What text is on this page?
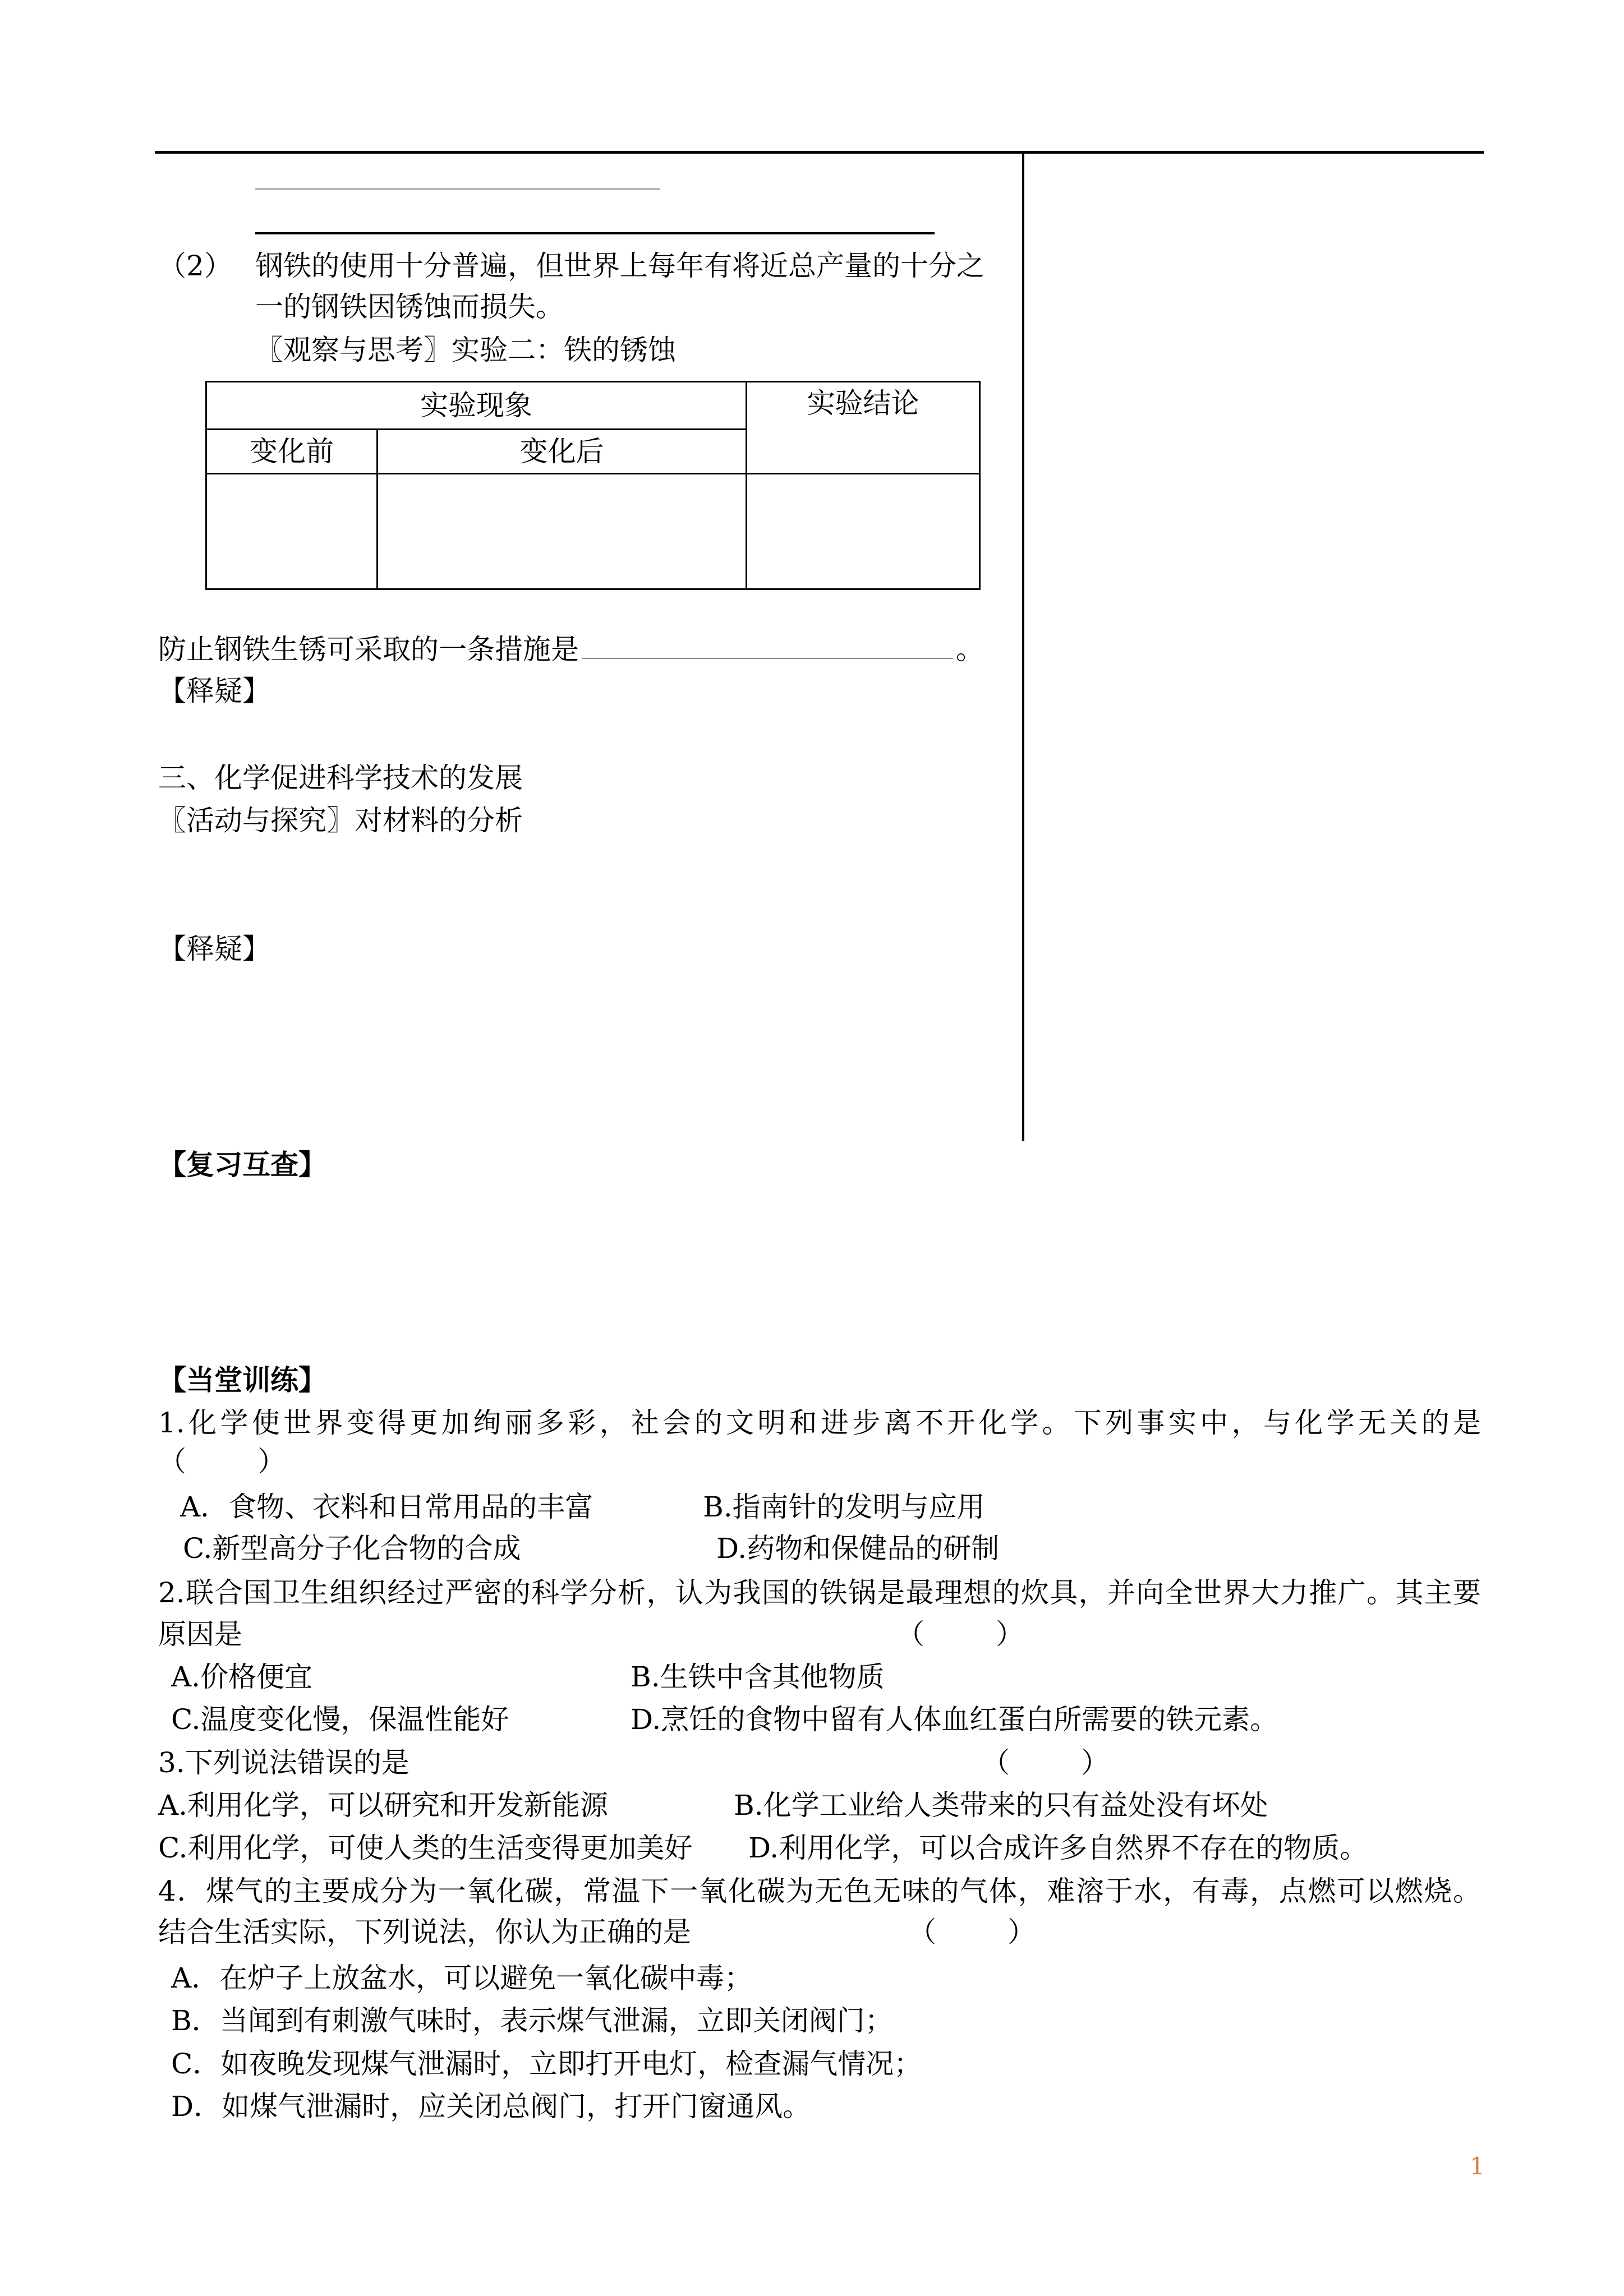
（2） 钢铁的使用十分普遍，但世界上每年有将近总产量的十分之
一的钢铁因锈蚀而损失。
〖观察与思考〗实验二：铁的锈蚀
实验现象		实验结论
变化前	变化后	

防止钢铁生锈可采取的一条措施是	。
【释疑】
三、化学促进科学技术的发展
〖活动与探究〗对材料的分析
【释疑】
【复习互查】
【当堂训练】
1.化学使世界变得更加绚丽多彩，社会的文明和进步离不开化学。下列事实中，与化学无关的是
（        ）
A．食物、衣料和日常用品的丰富	B.指南针的发明与应用
C.新型高分子化合物的合成	D.药物和保健品的研制
2.联合国卫生组织经过严密的科学分析，认为我国的铁锅是最理想的炊具，并向全世界大力推广。其主要
原因是	（        ）
A.价格便宜	B.生铁中含其他物质
C.温度变化慢，保温性能好	D.烹饪的食物中留有人体血红蛋白所需要的铁元素。
3.下列说法错误的是	（        ）
A.利用化学，可以研究和开发新能源	B.化学工业给人类带来的只有益处没有坏处
C.利用化学，可使人类的生活变得更加美好 D.利用化学，可以合成许多自然界不存在的物质。
4．煤气的主要成分为一氧化碳，常温下一氧化碳为无色无味的气体，难溶于水，有毒，点燃可以燃烧。
结合生活实际，下列说法，你认为正确的是	（        ）
A．在炉子上放盆水，可以避免一氧化碳中毒；
B．当闻到有刺激气味时，表示煤气泄漏，立即关闭阀门；
C．如夜晚发现煤气泄漏时，立即打开电灯，检查漏气情况；
D．如煤气泄漏时，应关闭总阀门，打开门窗通风。
1
